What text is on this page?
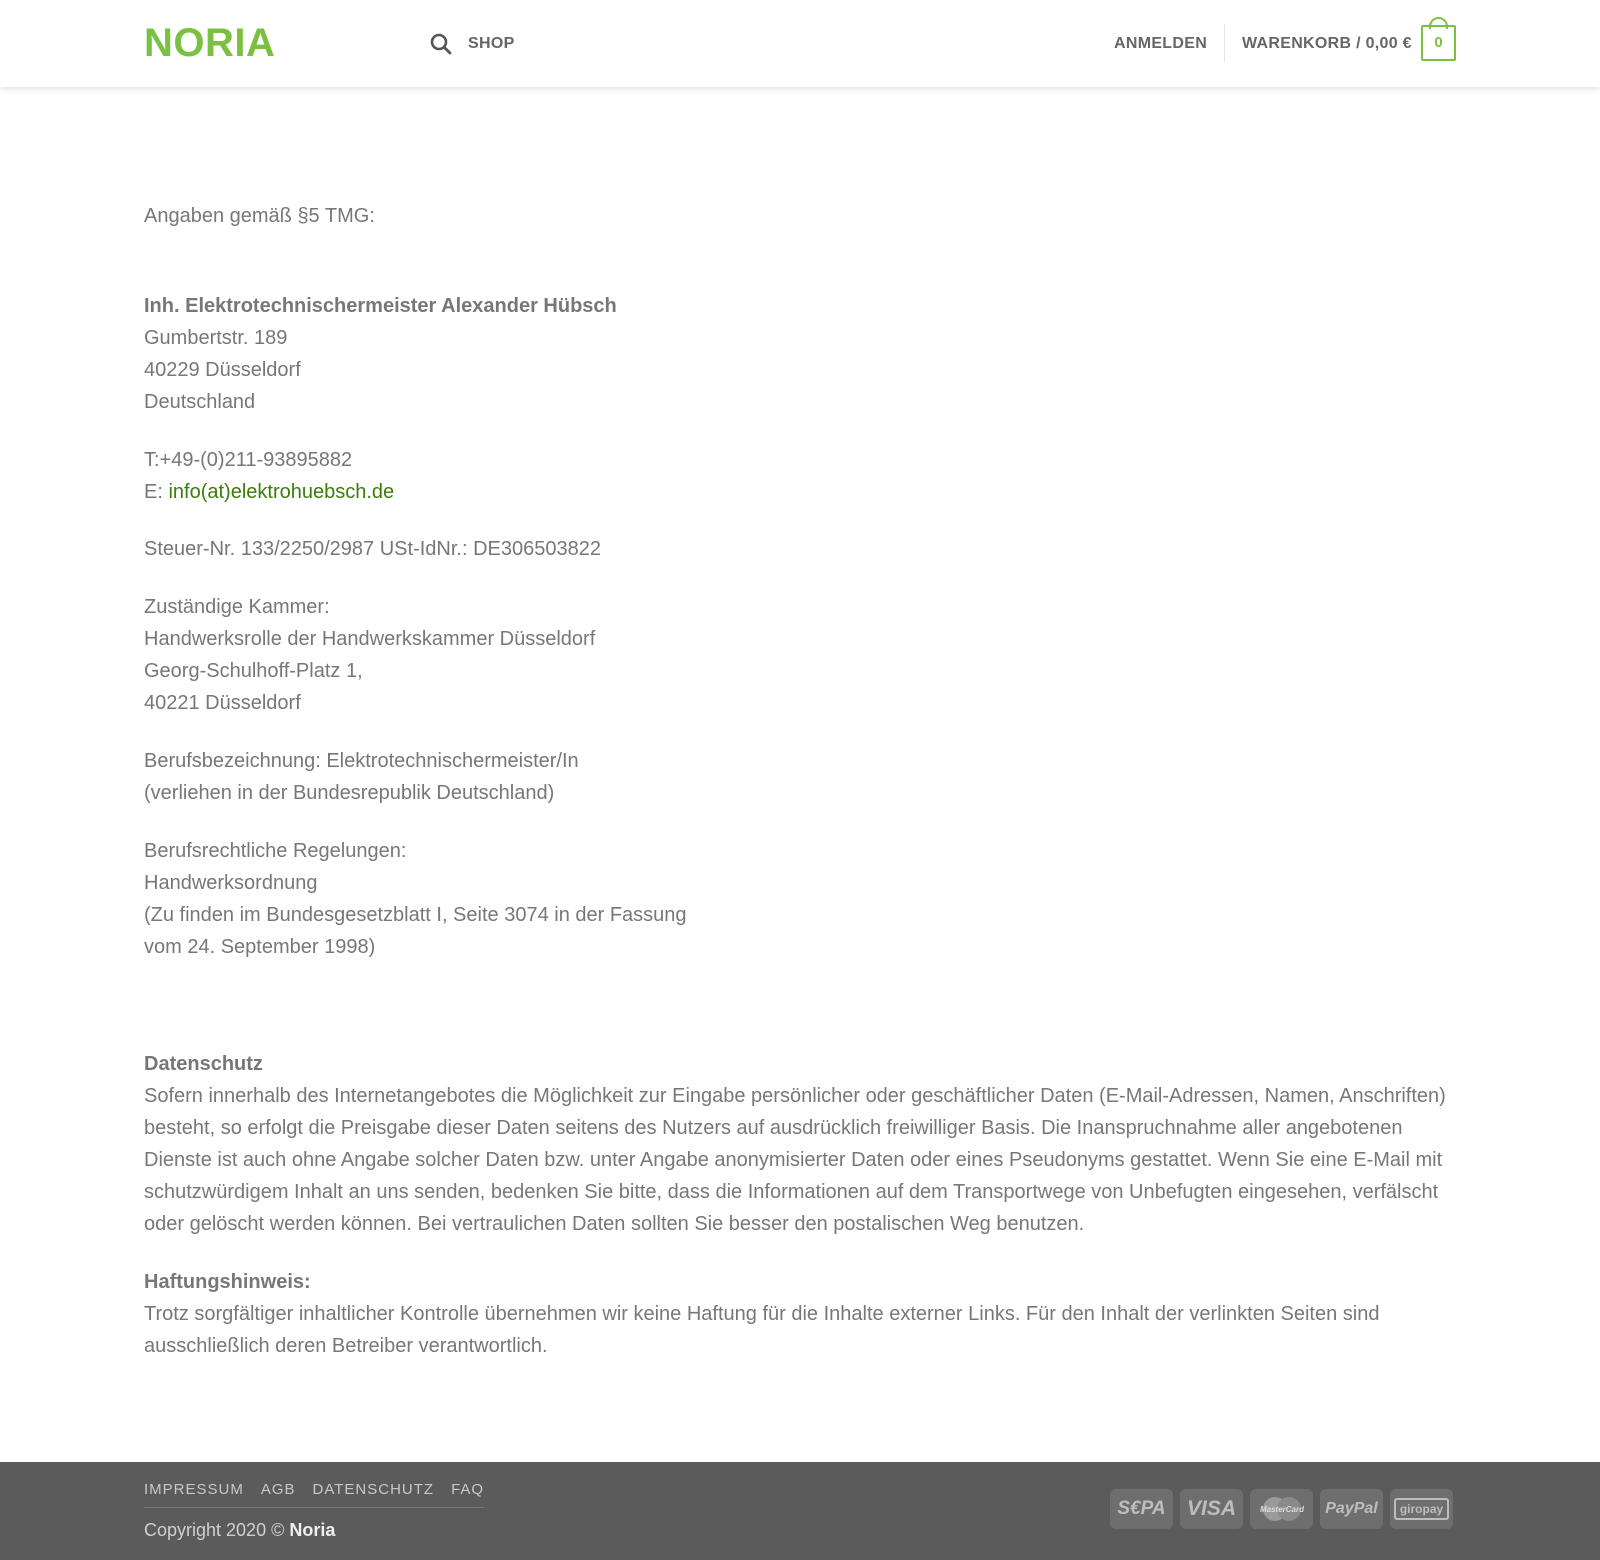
NORIA	SHOP	ANMELDEN WARENKORB / 0,00 €	0
Angaben gemäß §5 TMG:
Inh. Elektrotechnischermeister Alexander Hübsch
Gumbertstr. 189
40229 Düsseldorf
Deutschland
T:+49-(0)211-93895882
E: info(at)elektrohuebsch.de
Steuer-Nr. 133/2250/2987 USt-IdNr.: DE306503822
Zuständige Kammer:
Handwerksrolle der Handwerkskammer Düsseldorf
Georg-Schulhoff-Platz 1,
40221 Düsseldorf
Berufsbezeichnung: Elektrotechnischermeister/In
(verliehen in der Bundesrepublik Deutschland)
Berufsrechtliche Regelungen:
Handwerksordnung
(Zu finden im Bundesgesetzblatt I, Seite 3074 in der Fassung
vom 24. September 1998)
Datenschutz
Sofern innerhalb des Internetangebotes die Möglichkeit zur Eingabe persönlicher oder geschäftlicher Daten (E-Mail-Adressen, Namen, Anschriften) besteht, so erfolgt die Preisgabe dieser Daten seitens des Nutzers auf ausdrücklich freiwilliger Basis. Die Inanspruchnahme aller angebotenen Dienste ist auch ohne Angabe solcher Daten bzw. unter Angabe anonymisierter Daten oder eines Pseudonyms gestattet. Wenn Sie eine E-Mail mit schutzwürdigem Inhalt an uns senden, bedenken Sie bitte, dass die Informationen auf dem Transportwege von Unbefugten eingesehen, verfälscht oder gelöscht werden können. Bei vertraulichen Daten sollten Sie besser den postalischen Weg benutzen.
Haftungshinweis:
Trotz sorgfältiger inhaltlicher Kontrolle übernehmen wir keine Haftung für die Inhalte externer Links. Für den Inhalt der verlinkten Seiten sind ausschließlich deren Betreiber verantwortlich.
IMPRESSUM AGB DATENSCHUTZ FAQ
Copyright 2020 © Noria
S€PA	VISA	MasterCard	PayPal	giropay
